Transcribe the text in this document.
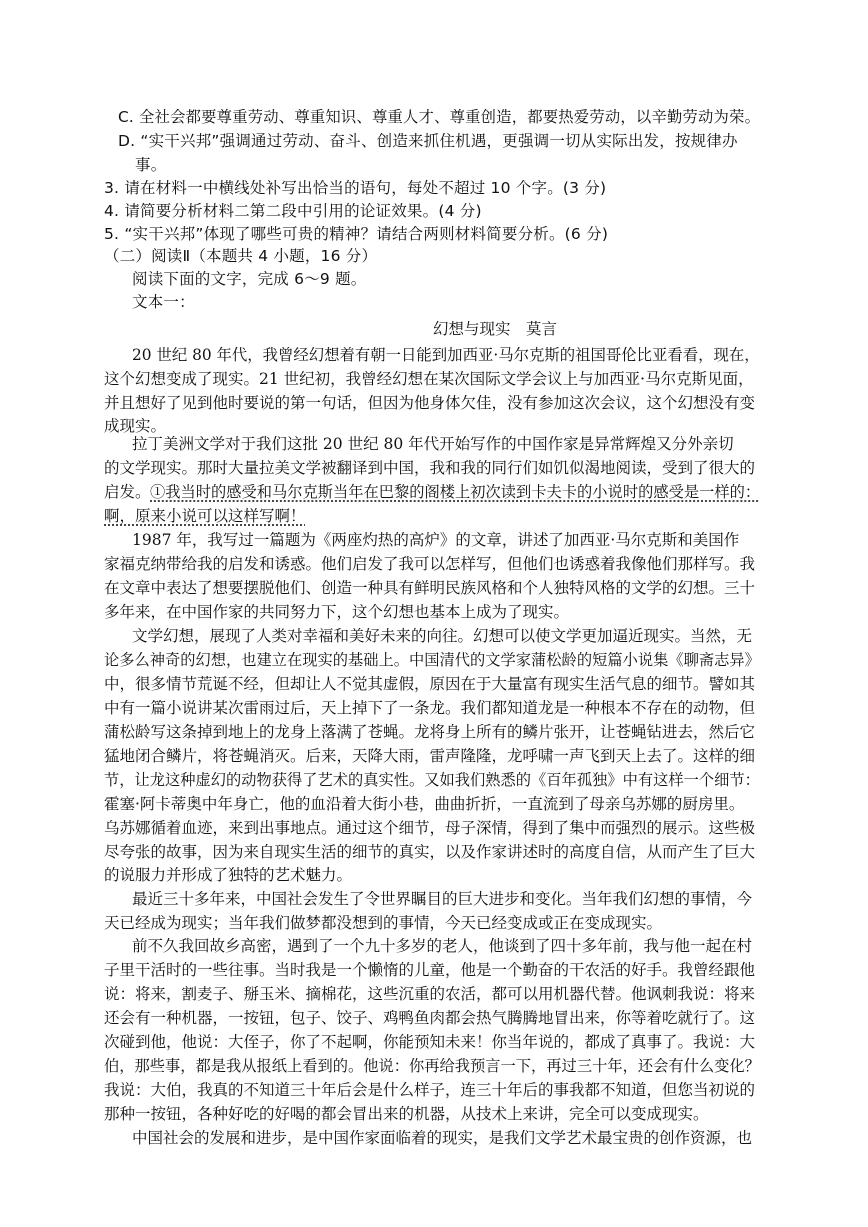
C. 全社会都要尊重劳动、尊重知识、尊重人才、尊重创造，都要热爱劳动，以辛勤劳动为荣。
D. “实干兴邦”强调通过劳动、奋斗、创造来抓住机遇，更强调一切从实际出发，按规律办
事。
3. 请在材料一中横线处补写出恰当的语句，每处不超过 10 个字。(3 分)
4. 请简要分析材料二第二段中引用的论证效果。(4 分)
5. “实干兴邦”体现了哪些可贵的精神？请结合两则材料简要分析。(6 分)
（二）阅读Ⅱ（本题共 4 小题，16 分）
阅读下面的文字，完成 6～9 题。
文本一：
幻想与现实　莫言
20 世纪 80 年代，我曾经幻想着有朝一日能到加西亚·马尔克斯的祖国哥伦比亚看看，现在，
这个幻想变成了现实。21 世纪初，我曾经幻想在某次国际文学会议上与加西亚·马尔克斯见面，
并且想好了见到他时要说的第一句话，但因为他身体欠佳，没有参加这次会议，这个幻想没有变
成现实。
拉丁美洲文学对于我们这批 20 世纪 80 年代开始写作的中国作家是异常辉煌又分外亲切
的文学现实。那时大量拉美文学被翻译到中国，我和我的同行们如饥似渴地阅读，受到了很大的
启发。 ①我当时的感受和马尔克斯当年在巴黎的阁楼上初次读到卡夫卡的小说时的感受是一样的：
啊，原来小说可以这样写啊！
1987 年，我写过一篇题为《两座灼热的高炉》的文章，讲述了加西亚·马尔克斯和美国作
家福克纳带给我的启发和诱惑。他们启发了我可以怎样写，但他们也诱惑着我像他们那样写。我
在文章中表达了想要摆脱他们、创造一种具有鲜明民族风格和个人独特风格的文学的幻想。三十
多年来，在中国作家的共同努力下，这个幻想也基本上成为了现实。
文学幻想，展现了人类对幸福和美好未来的向往。幻想可以使文学更加逼近现实。当然，无
论多么神奇的幻想，也建立在现实的基础上。中国清代的文学家蒲松龄的短篇小说集《聊斋志异》
中，很多情节荒诞不经，但却让人不觉其虚假，原因在于大量富有现实生活气息的细节。譬如其
中有一篇小说讲某次雷雨过后，天上掉下了一条龙。我们都知道龙是一种根本不存在的动物，但
蒲松龄写这条掉到地上的龙身上落满了苍蝇。龙将身上所有的鳞片张开，让苍蝇钻进去，然后它
猛地闭合鳞片，将苍蝇消灭。后来，天降大雨，雷声隆隆，龙呼啸一声飞到天上去了。这样的细
节，让龙这种虚幻的动物获得了艺术的真实性。又如我们熟悉的《百年孤独》中有这样一个细节：
霍塞·阿卡蒂奥中年身亡，他的血沿着大街小巷，曲曲折折，一直流到了母亲乌苏娜的厨房里。
乌苏娜循着血迹，来到出事地点。通过这个细节，母子深情，得到了集中而强烈的展示。这些极
尽夸张的故事，因为来自现实生活的细节的真实，以及作家讲述时的高度自信，从而产生了巨大
的说服力并形成了独特的艺术魅力。
最近三十多年来，中国社会发生了令世界瞩目的巨大进步和变化。当年我们幻想的事情，今
天已经成为现实；当年我们做梦都没想到的事情，今天已经变成或正在变成现实。
前不久我回故乡高密，遇到了一个九十多岁的老人，他谈到了四十多年前，我与他一起在村
子里干活时的一些往事。当时我是一个懒惰的儿童，他是一个勤奋的干农活的好手。我曾经跟他
说：将来，割麦子、掰玉米、摘棉花，这些沉重的农活，都可以用机器代替。他讽刺我说：将来
还会有一种机器，一按钮，包子、饺子、鸡鸭鱼肉都会热气腾腾地冒出来，你等着吃就行了。这
次碰到他，他说：大侄子，你了不起啊，你能预知未来！你当年说的，都成了真事了。我说：大
伯，那些事，都是我从报纸上看到的。他说：你再给我预言一下，再过三十年，还会有什么变化？
我说：大伯，我真的不知道三十年后会是什么样子，连三十年后的事我都不知道，但您当初说的
那种一按钮，各种好吃的好喝的都会冒出来的机器，从技术上来讲，完全可以变成现实。
中国社会的发展和进步，是中国作家面临着的现实，是我们文学艺术最宝贵的创作资源，也
